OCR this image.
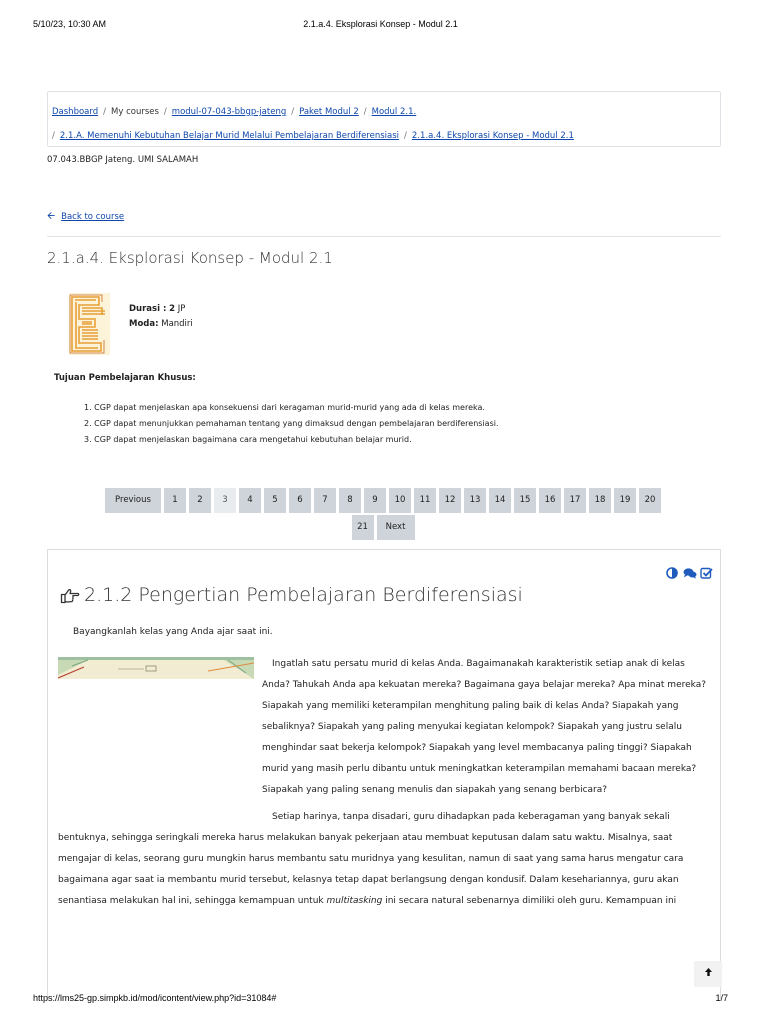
5/10/23, 10:30 AM	2.1.a.4. Eksplorasi Konsep - Modul 2.1
Dashboard / My courses / modul-07-043-bbgp-jateng / Paket Modul 2 / Modul 2.1.
/ 2.1.A. Memenuhi Kebutuhan Belajar Murid Melalui Pembelajaran Berdiferensiasi / 2.1.a.4. Eksplorasi Konsep - Modul 2.1
07.043.BBGP Jateng. UMI SALAMAH
🡨 Back to course
2.1.a.4. Eksplorasi Konsep - Modul 2.1
Durasi : 2 JP
Moda: Mandiri
Tujuan Pembelajaran Khusus:
1. CGP dapat menjelaskan apa konsekuensi dari keragaman murid-murid yang ada di kelas mereka.
2. CGP dapat menunjukkan pemahaman tentang yang dimaksud dengan pembelajaran berdiferensiasi.
3. CGP dapat menjelaskan bagaimana cara mengetahui kebutuhan belajar murid.
Previous	1	2	3	4	5	6	7	8	9	10	11	12	13	14	15	16	17	18	19	20
21	Next
2.1.2 Pengertian Pembelajaran Berdiferensiasi
Bayangkanlah kelas yang Anda ajar saat ini.

Ingatlah satu persatu murid di kelas Anda. Bagaimanakah karakteristik setiap anak di kelas Anda? Tahukah Anda apa kekuatan mereka? Bagaimana gaya belajar mereka? Apa minat mereka? Siapakah yang memiliki keterampilan menghitung paling baik di kelas Anda? Siapakah yang sebaliknya? Siapakah yang paling menyukai kegiatan kelompok? Siapakah yang justru selalu menghindar saat bekerja kelompok? Siapakah yang level membacanya paling tinggi? Siapakah murid yang masih perlu dibantu untuk meningkatkan keterampilan memahami bacaan mereka? Siapakah yang paling senang menulis dan siapakah yang senang berbicara?

Setiap harinya, tanpa disadari, guru dihadapkan pada keberagaman yang banyak sekali bentuknya, sehingga seringkali mereka harus melakukan banyak pekerjaan atau membuat keputusan dalam satu waktu. Misalnya, saat mengajar di kelas, seorang guru mungkin harus membantu satu muridnya yang kesulitan, namun di saat yang sama harus mengatur cara bagaimana agar saat ia membantu murid tersebut, kelasnya tetap dapat berlangsung dengan kondusif. Dalam kesehariannya, guru akan senantiasa melakukan hal ini, sehingga kemampuan untuk multitasking ini secara natural sebenarnya dimiliki oleh guru. Kemampuan ini

https://lms25-gp.simpkb.id/mod/icontent/view.php?id=31084#	1/7
